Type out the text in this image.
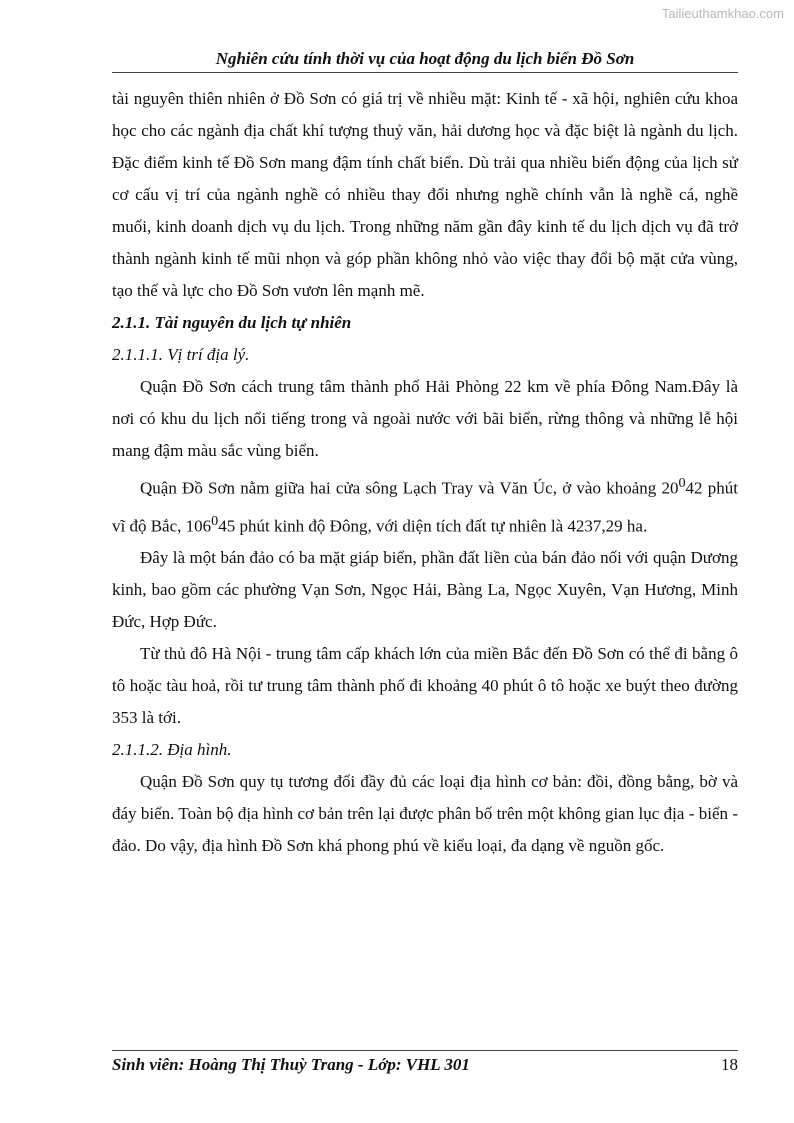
Tailieuthamkhao.com
Nghiên cứu tính thời vụ của hoạt động du lịch biển Đồ Sơn

tài nguyên thiên nhiên ở Đồ Sơn có giá trị về nhiều mặt: Kinh tế - xã hội, nghiên cứu khoa học cho các ngành địa chất khí tượng thuỷ văn, hải dương học và đặc biệt là ngành du lịch. Đặc điểm kinh tế Đồ Sơn mang đậm tính chất biển. Dù trải qua nhiều biến động của lịch sử cơ cấu vị trí của ngành nghề có nhiều thay đổi nhưng nghề chính vẫn là nghề cá, nghề muối, kinh doanh dịch vụ du lịch. Trong những năm gần đây kinh tế du lịch dịch vụ đã trở thành ngành kinh tế mũi nhọn và góp phần không nhỏ vào việc thay đổi bộ mặt cửa vùng, tạo thế và lực cho Đồ Sơn vươn lên mạnh mẽ.

2.1.1. Tài nguyên du lịch tự nhiên

2.1.1.1. Vị trí địa lý.

Quận Đồ Sơn cách trung tâm thành phố Hải Phòng 22 km về phía Đông Nam.Đây là nơi có khu du lịch nổi tiếng trong và ngoài nước với bãi biển, rừng thông và những lễ hội mang đậm màu sắc vùng biển.

Quận Đồ Sơn nằm giữa hai cửa sông Lạch Tray và Văn Úc, ở vào khoảng $20^042$ phút vĩ độ Bắc, $106^045$ phút kinh độ Đông, với diện tích đất tự nhiên là 4237,29 ha.

Đây là một bán đảo có ba mặt giáp biển, phần đất liền của bán đảo nối với quận Dương kinh, bao gồm các phường Vạn Sơn, Ngọc Hải, Bàng La, Ngọc Xuyên, Vạn Hương, Minh Đức, Hợp Đức.

Từ thủ đô Hà Nội - trung tâm cấp khách lớn của miền Bắc đến Đồ Sơn có thể đi bằng ô tô hoặc tàu hoả, rồi tư trung tâm thành phố đi khoảng 40 phút ô tô hoặc xe buýt theo đường 353 là tới.

2.1.1.2. Địa hình.

Quận Đồ Sơn quy tụ tương đối đầy đủ các loại địa hình cơ bản: đồi, đồng bằng, bờ và đáy biển. Toàn bộ địa hình cơ bản trên lại được phân bố trên một không gian lục địa - biển - đảo. Do vậy, địa hình Đồ Sơn khá phong phú về kiểu loại, đa dạng về nguồn gốc.

Sinh viên: Hoàng Thị Thuỳ Trang - Lớp: VHL 301	18
